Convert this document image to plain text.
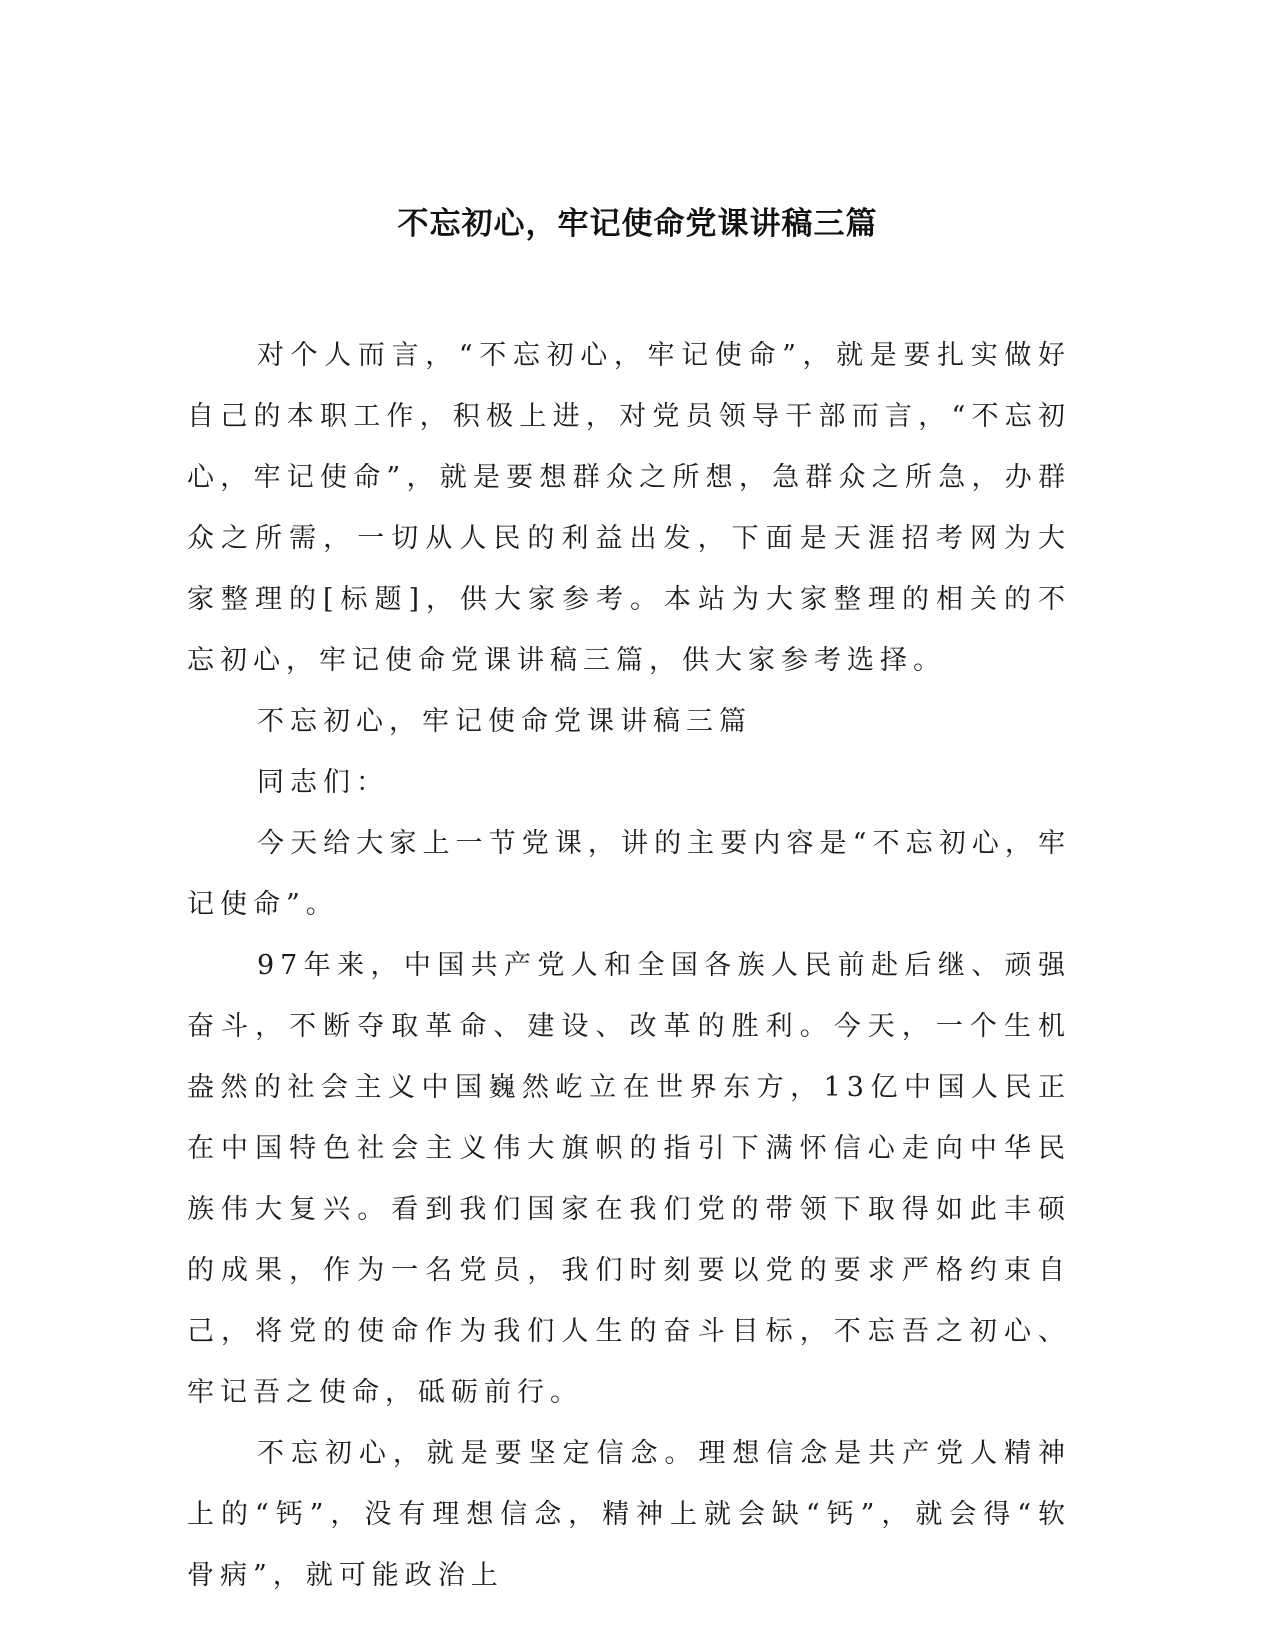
不忘初心，牢记使命党课讲稿三篇

对个人而言，“不忘初心，牢记使命”，就是要扎实做好自己的本职工作，积极上进，对党员领导干部而言，“不忘初心，牢记使命”，就是要想群众之所想，急群众之所急，办群众之所需，一切从人民的利益出发，下面是天涯招考网为大家整理的[标题]，供大家参考。本站为大家整理的相关的不忘初心，牢记使命党课讲稿三篇，供大家参考选择。

不忘初心，牢记使命党课讲稿三篇

同志们：

今天给大家上一节党课，讲的主要内容是“不忘初心，牢记使命”。

97年来，中国共产党人和全国各族人民前赴后继、顽强奋斗，不断夺取革命、建设、改革的胜利。今天，一个生机盎然的社会主义中国巍然屹立在世界东方，13亿中国人民正在中国特色社会主义伟大旗帜的指引下满怀信心走向中华民族伟大复兴。看到我们国家在我们党的带领下取得如此丰硕的成果，作为一名党员，我们时刻要以党的要求严格约束自己，将党的使命作为我们人生的奋斗目标，不忘吾之初心、牢记吾之使命，砥砺前行。

不忘初心，就是要坚定信念。理想信念是共产党人精神上的“钙”，没有理想信念，精神上就会缺“钙”，就会得“软骨病”，就可能政治上
